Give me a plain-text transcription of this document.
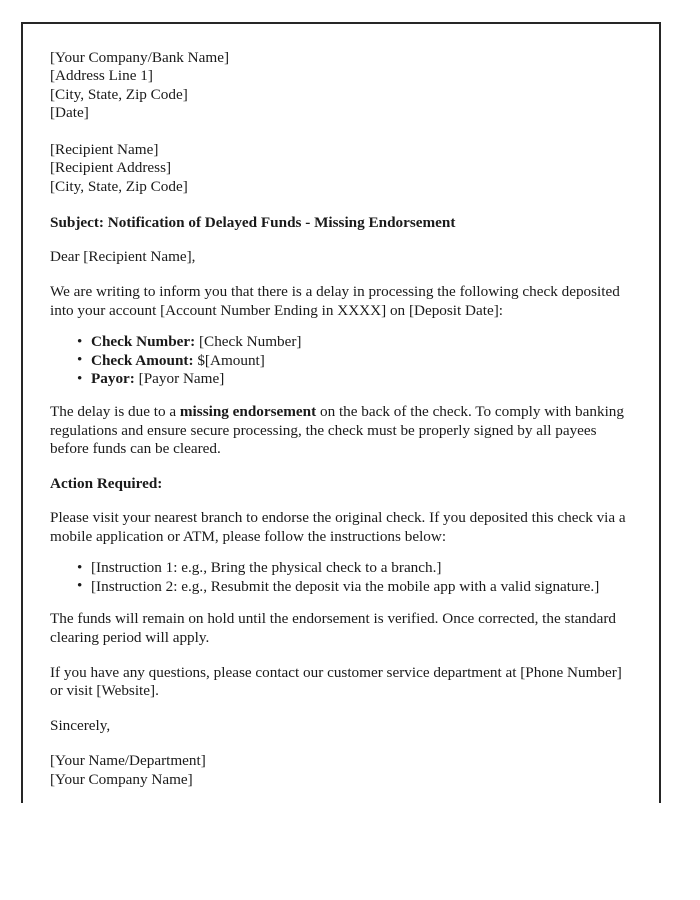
[Your Company/Bank Name]
[Address Line 1]
[City, State, Zip Code]
[Date]
[Recipient Name]
[Recipient Address]
[City, State, Zip Code]

Subject: Notification of Delayed Funds - Missing Endorsement

Dear [Recipient Name],

We are writing to inform you that there is a delay in processing the following check deposited into your account [Account Number Ending in XXXX] on [Deposit Date]:

• Check Number: [Check Number]
• Check Amount: $[Amount]
• Payor: [Payor Name]

The delay is due to a missing endorsement on the back of the check. To comply with banking regulations and ensure secure processing, the check must be properly signed by all payees before funds can be cleared.

Action Required:

Please visit your nearest branch to endorse the original check. If you deposited this check via a mobile application or ATM, please follow the instructions below:

• [Instruction 1: e.g., Bring the physical check to a branch.]
• [Instruction 2: e.g., Resubmit the deposit via the mobile app with a valid signature.]

The funds will remain on hold until the endorsement is verified. Once corrected, the standard clearing period will apply.

If you have any questions, please contact our customer service department at [Phone Number] or visit [Website].

Sincerely,

[Your Name/Department]
[Your Company Name]
